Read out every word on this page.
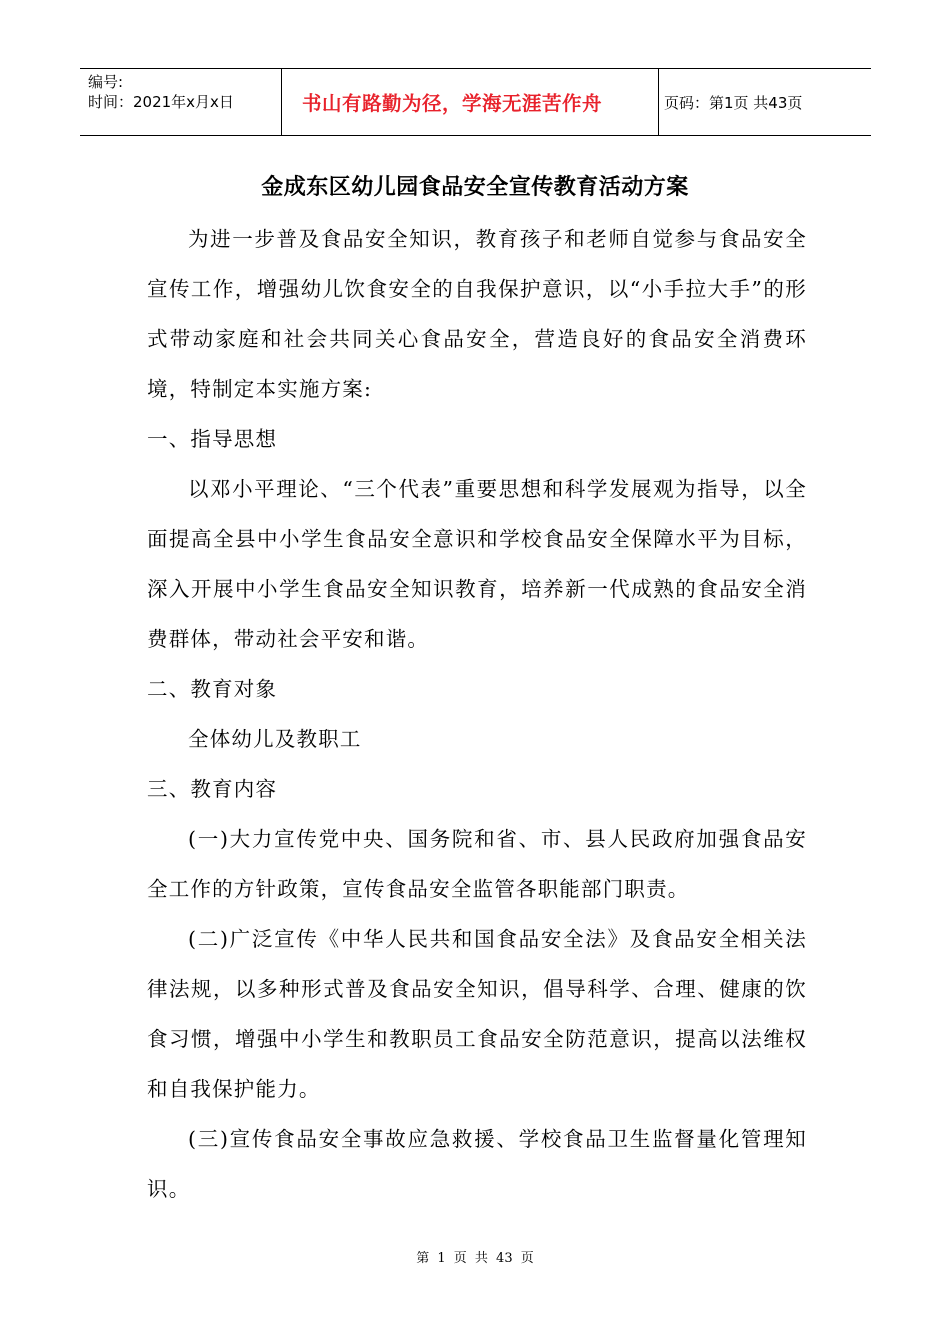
编号:
时间：2021年x月x日	书山有路勤为径，学海无涯苦作舟	页码：第1页 共43页
金成东区幼儿园食品安全宣传教育活动方案

为进一步普及食品安全知识，教育孩子和老师自觉参与食品安全宣传工作，增强幼儿饮食安全的自我保护意识，以“小手拉大手”的形式带动家庭和社会共同关心食品安全，营造良好的食品安全消费环境，特制定本实施方案:

一、指导思想

以邓小平理论、“三个代表”重要思想和科学发展观为指导，以全面提高全县中小学生食品安全意识和学校食品安全保障水平为目标，深入开展中小学生食品安全知识教育，培养新一代成熟的食品安全消费群体，带动社会平安和谐。

二、教育对象

全体幼儿及教职工

三、教育内容

(一)大力宣传党中央、国务院和省、市、县人民政府加强食品安全工作的方针政策，宣传食品安全监管各职能部门职责。

(二)广泛宣传《中华人民共和国食品安全法》及食品安全相关法律法规，以多种形式普及食品安全知识，倡导科学、合理、健康的饮食习惯，增强中小学生和教职员工食品安全防范意识，提高以法维权和自我保护能力。

(三)宣传食品安全事故应急救援、学校食品卫生监督量化管理知识。

第 1 页 共 43 页
